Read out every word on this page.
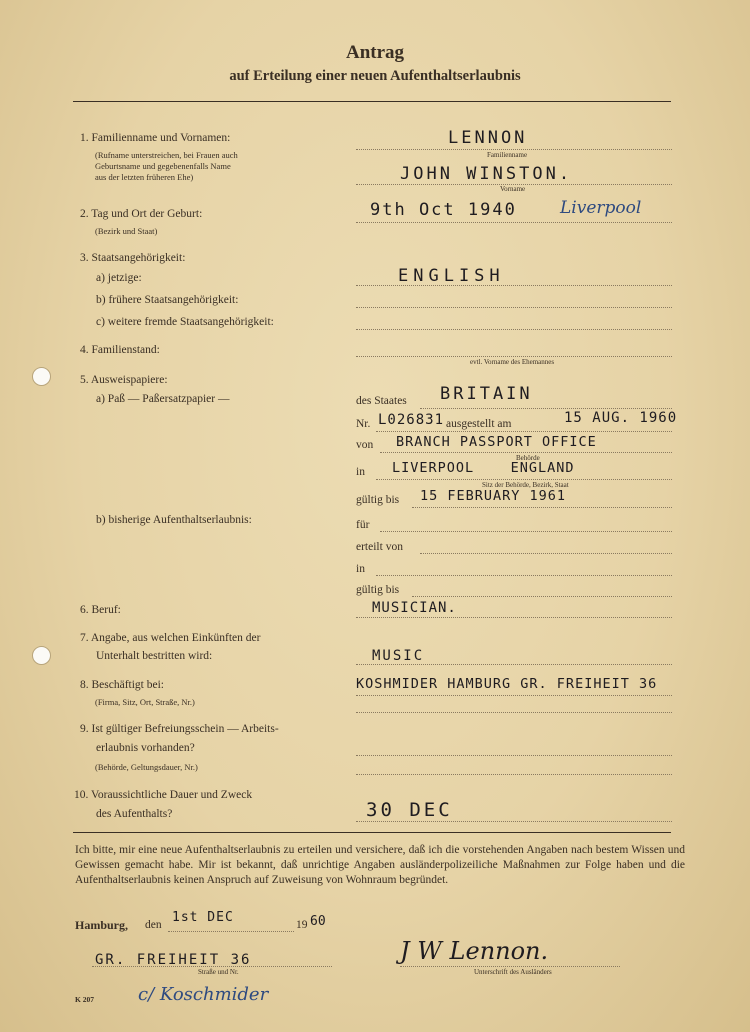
Antrag
auf Erteilung einer neuen Aufenthaltserlaubnis
1. Familienname und Vornamen:
(Rufname unterstreichen, bei Frauen auch
Geburtsname und gegebenenfalls Name
aus der letzten früheren Ehe)
LENNON
Familienname
JOHN WINSTON.
Vorname
2. Tag und Ort der Geburt:
(Bezirk und Staat)
9th Oct 1940	Liverpool
3. Staatsangehörigkeit:
a) jetzige:	ENGLISH
b) frühere Staatsangehörigkeit:
c) weitere fremde Staatsangehörigkeit:
4. Familienstand:
evtl. Vorname des Ehemannes
5. Ausweispapiere:
a) Paß — Paßersatzpapier —	des Staates BRITAIN
Nr. L026831 ausgestellt am	15 AUG. 1960
von BRANCH PASSPORT OFFICE
Behörde
in LIVERPOOL    ENGLAND
Sitz der Behörde, Bezirk, Staat
gültig bis 15 FEBRUARY 1961
b) bisherige Aufenthaltserlaubnis:	für
erteilt von
in
gültig bis
6. Beruf:	MUSICIAN.
7. Angabe, aus welchen Einkünften der
Unterhalt bestritten wird:	MUSIC
8. Beschäftigt bei:
(Firma, Sitz, Ort, Straße, Nr.)
KOSHMIDER HAMBURG GR. FREIHEIT 36
9. Ist gültiger Befreiungsschein — Arbeits-
erlaubnis vorhanden?
(Behörde, Geltungsdauer, Nr.)
10. Voraussichtliche Dauer und Zweck
des Aufenthalts?	30 DEC
Ich bitte, mir eine neue Aufenthaltserlaubnis zu erteilen und versichere, daß ich die vorstehenden Angaben nach bestem Wissen und Gewissen gemacht habe. Mir ist bekannt, daß unrichtige Angaben ausländerpolizeiliche Maßnahmen zur Folge haben und die Aufenthaltserlaubnis keinen Anspruch auf Zuweisung von Wohnraum begründet.
Hamburg, den 1st DEC	19 60
GR. FREIHEIT 36
Straße und Nr.
J W Lennon.
Unterschrift des Ausländers
K 207 c/ Koschmider
